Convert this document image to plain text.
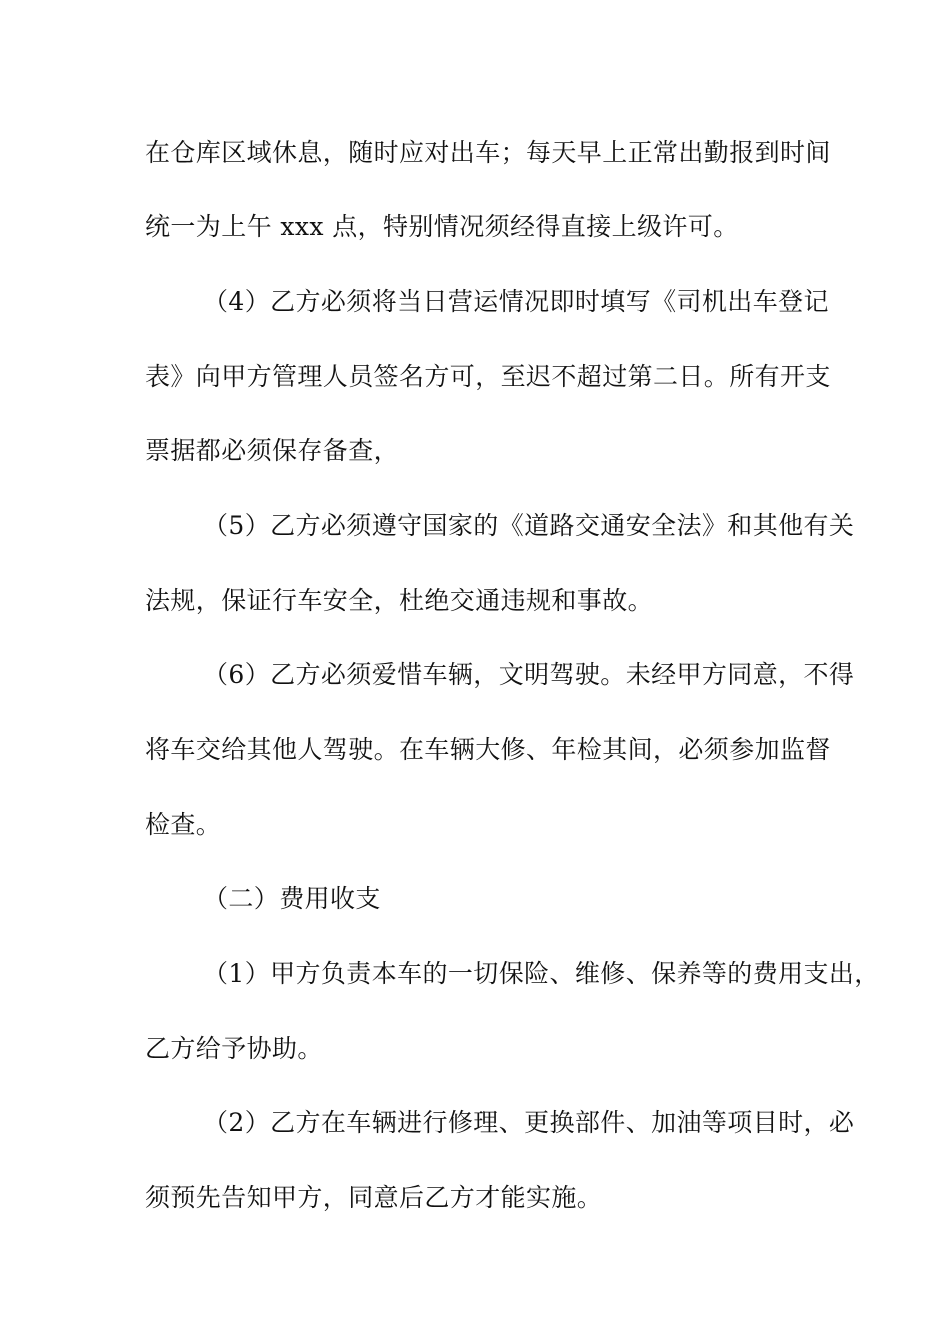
在仓库区域休息，随时应对出车；每天早上正常出勤报到时间
统一为上午 xxx 点，特别情况须经得直接上级许可。
（4）乙方必须将当日营运情况即时填写《司机出车登记
表》向甲方管理人员签名方可，至迟不超过第二日。所有开支
票据都必须保存备查，
（5）乙方必须遵守国家的《道路交通安全法》和其他有关
法规，保证行车安全，杜绝交通违规和事故。
（6）乙方必须爱惜车辆，文明驾驶。未经甲方同意，不得
将车交给其他人驾驶。在车辆大修、年检其间，必须参加监督
检查。
（二）费用收支
（1）甲方负责本车的一切保险、维修、保养等的费用支出，
乙方给予协助。
（2）乙方在车辆进行修理、更换部件、加油等项目时，必
须预先告知甲方，同意后乙方才能实施。
